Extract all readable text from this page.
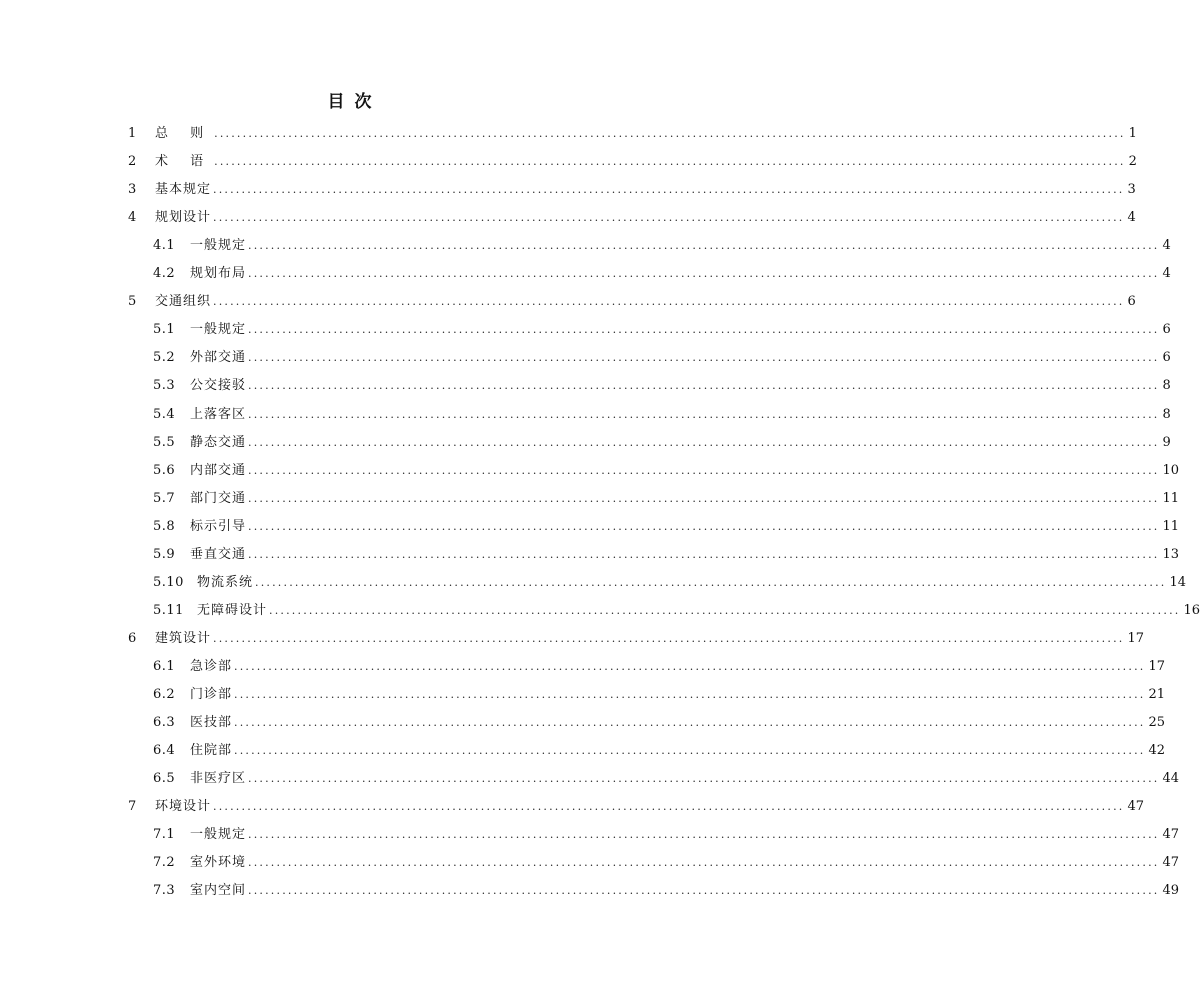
目 次
1	总 则 ................................................................................................................................................................ 1
2	术 语 ................................................................................................................................................................ 2
3	基本规定 ................................................................................................................................................................ 3
4	规划设计 ................................................................................................................................................................ 4
4.1	一般规定 ................................................................................................................................................................ 4
4.2	规划布局 ................................................................................................................................................................ 4
5	交通组织 ................................................................................................................................................................ 6
5.1	一般规定 ................................................................................................................................................................ 6
5.2	外部交通 ................................................................................................................................................................ 6
5.3	公交接驳 ................................................................................................................................................................ 8
5.4	上落客区 ................................................................................................................................................................ 8
5.5	静态交通 ................................................................................................................................................................ 9
5.6	内部交通 ................................................................................................................................................................ 10
5.7	部门交通 ................................................................................................................................................................ 11
5.8	标示引导 ................................................................................................................................................................ 11
5.9	垂直交通 ................................................................................................................................................................ 13
5.10	物流系统 ................................................................................................................................................................ 14
5.11	无障碍设计 ................................................................................................................................................................ 16
6	建筑设计 ................................................................................................................................................................ 17
6.1	急诊部 ................................................................................................................................................................ 17
6.2	门诊部 ................................................................................................................................................................ 21
6.3	医技部 ................................................................................................................................................................ 25
6.4	住院部 ................................................................................................................................................................ 42
6.5	非医疗区 ................................................................................................................................................................ 44
7	环境设计 ................................................................................................................................................................ 47
7.1	一般规定 ................................................................................................................................................................ 47
7.2	室外环境 ................................................................................................................................................................ 47
7.3	室内空间 ................................................................................................................................................................ 49
